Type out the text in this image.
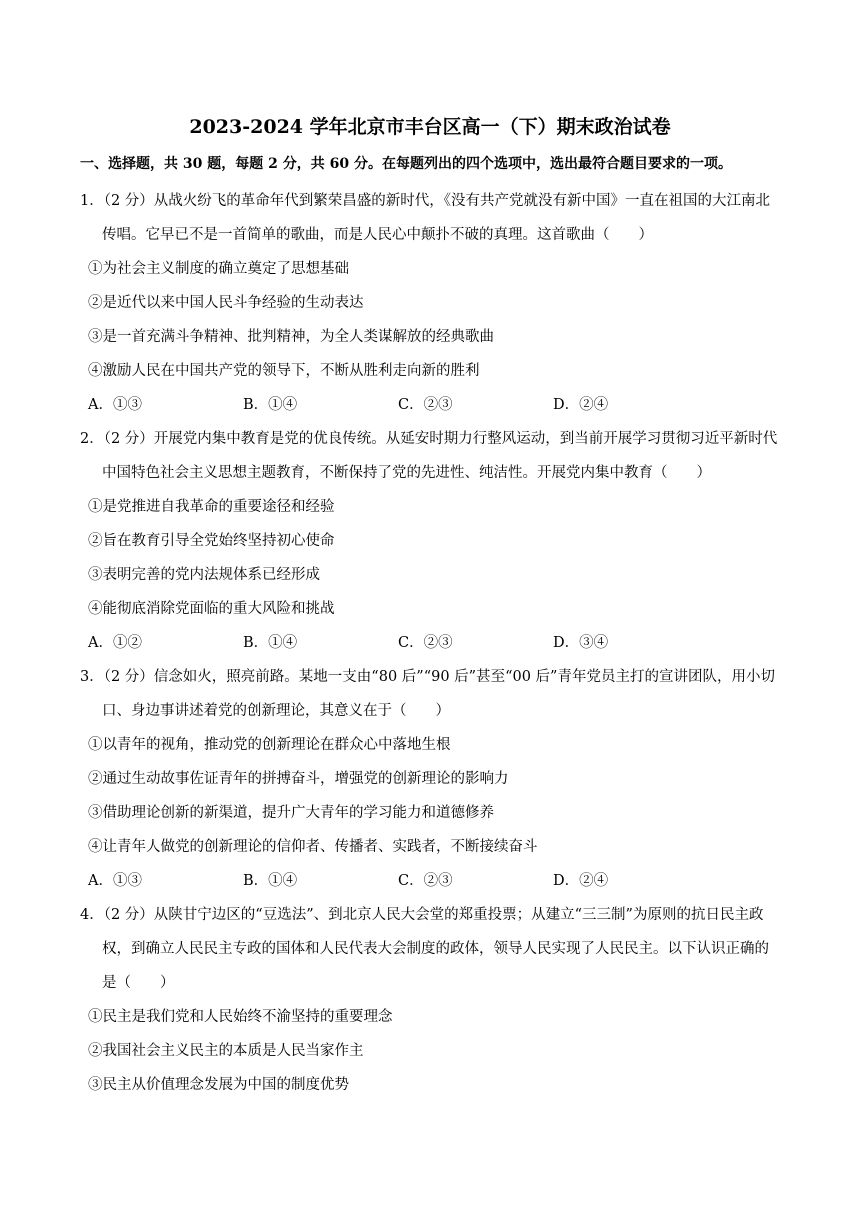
2023-2024 学年北京市丰台区高一（下）期末政治试卷
一、选择题，共 30 题，每题 2 分，共 60 分。在每题列出的四个选项中，选出最符合题目要求的一项。
1．（2 分）从战火纷飞的革命年代到繁荣昌盛的新时代，《没有共产党就没有新中国》一直在祖国的大江南北传唱。它早已不是一首简单的歌曲，而是人民心中颠扑不破的真理。这首歌曲（　　）
①为社会主义制度的确立奠定了思想基础
②是近代以来中国人民斗争经验的生动表达
③是一首充满斗争精神、批判精神，为全人类谋解放的经典歌曲
④激励人民在中国共产党的领导下，不断从胜利走向新的胜利
A．①③	B．①④	C．②③	D．②④
2．（2 分）开展党内集中教育是党的优良传统。从延安时期力行整风运动，到当前开展学习贯彻习近平新时代中国特色社会主义思想主题教育，不断保持了党的先进性、纯洁性。开展党内集中教育（　　）
①是党推进自我革命的重要途径和经验
②旨在教育引导全党始终坚持初心使命
③表明完善的党内法规体系已经形成
④能彻底消除党面临的重大风险和挑战
A．①②	B．①④	C．②③	D．③④
3．（2 分）信念如火，照亮前路。某地一支由“80 后”“90 后”甚至“00 后”青年党员主打的宣讲团队，用小切口、身边事讲述着党的创新理论，其意义在于（　　）
①以青年的视角，推动党的创新理论在群众心中落地生根
②通过生动故事佐证青年的拼搏奋斗，增强党的创新理论的影响力
③借助理论创新的新渠道，提升广大青年的学习能力和道德修养
④让青年人做党的创新理论的信仰者、传播者、实践者，不断接续奋斗
A．①③	B．①④	C．②③	D．②④
4．（2 分）从陕甘宁边区的“豆选法”、到北京人民大会堂的郑重投票；从建立“三三制”为原则的抗日民主政权，到确立人民民主专政的国体和人民代表大会制度的政体，领导人民实现了人民民主。以下认识正确的是（　　）
①民主是我们党和人民始终不渝坚持的重要理念
②我国社会主义民主的本质是人民当家作主
③民主从价值理念发展为中国的制度优势
